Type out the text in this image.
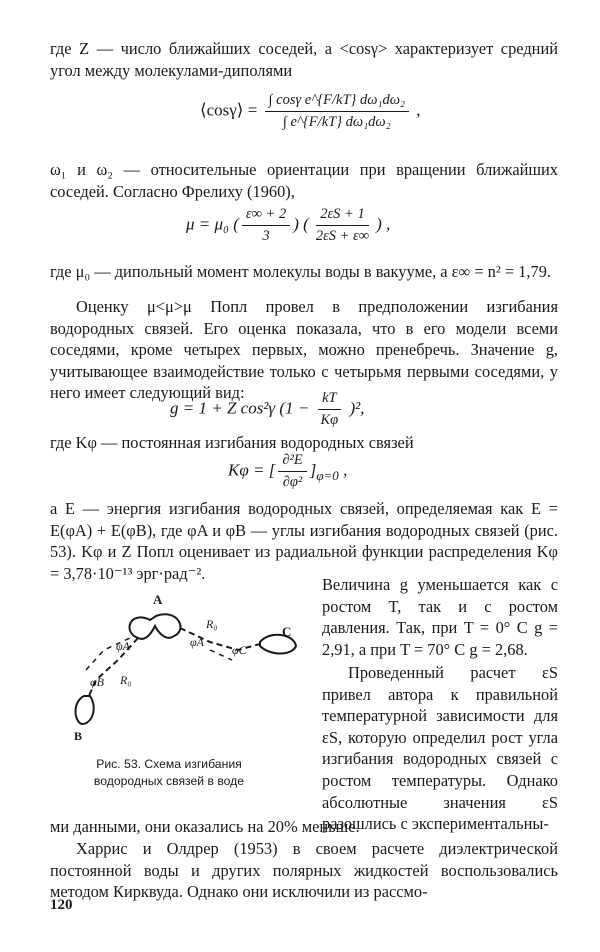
где Z — число ближайших соседей, а <cosγ> характеризует средний угол между молекулами-диполями

⟨cosγ⟩ = $\frac{\text{∫ cosγ e\textasciicircum{}\{F/kT\} dω₁dω₂}}{\text{∫ e\textasciicircum{}\{F/kT\} dω₁dω₂}}$ ,

ω₁ и ω₂ — относительные ориентации при вращении ближайших соседей. Согласно Фрелиху (1960),

μ = μ₀ ( $\frac{\varepsilon\infty + 2}{3}$ ) ( $\frac{2\varepsilon S + 1}{2\varepsilon S + \varepsilon\infty}$ ) ,

где μ₀ — дипольный момент молекулы воды в вакууме, а ε∞ = n² = 1,79.

Оценку μ<μ>μ Попл провел в предположении изгибания водородных связей. Его оценка показала, что в его модели всеми соседями, кроме четырех первых, можно пренебречь. Значение g, учитывающее взаимодействие только с четырьмя первыми соседями, у него имеет следующий вид:

g = 1 + Z cos²γ $(1 - \frac{kT}{K\varphi} )^2$,

где Kφ — постоянная изгибания водородных связей

Kφ = [ $\frac{\text{∂²E}}{\text{∂φ²}} ]_{\varphi=0}$ ,

а E — энергия изгибания водородных связей, определяемая как E = E(φA) + E(φB), где φA и φB — углы изгибания водородных связей (рис. 53). Kφ и Z Попл оценивает из радиальной функции распределения Kφ = 3,78·10⁻¹³ эрг·рад⁻².

Величина g уменьшается как с ростом T, так и с ростом давления. Так, при T = 0° C g = 2,91, а при T = 70° C g = 2,68.

Проведенный расчет εS привел автора к правильной температурной зависимости для εS, которую определил рост угла изгибания водородных связей с ростом температуры. Однако абсолютные значения εS разошлись с экспериментальны-

ми данными, они оказались на 20% меньше.

Харрис и Олдрер (1953) в своем расчете диэлектрической постоянной воды и других полярных жидкостей воспользовались методом Кирквуда. Однако они исключили из рассмо-

A
B
C
R₀
R₀
φA
φB
φC
φA
Рис. 53. Схема изгибания водородных связей в воде
120
